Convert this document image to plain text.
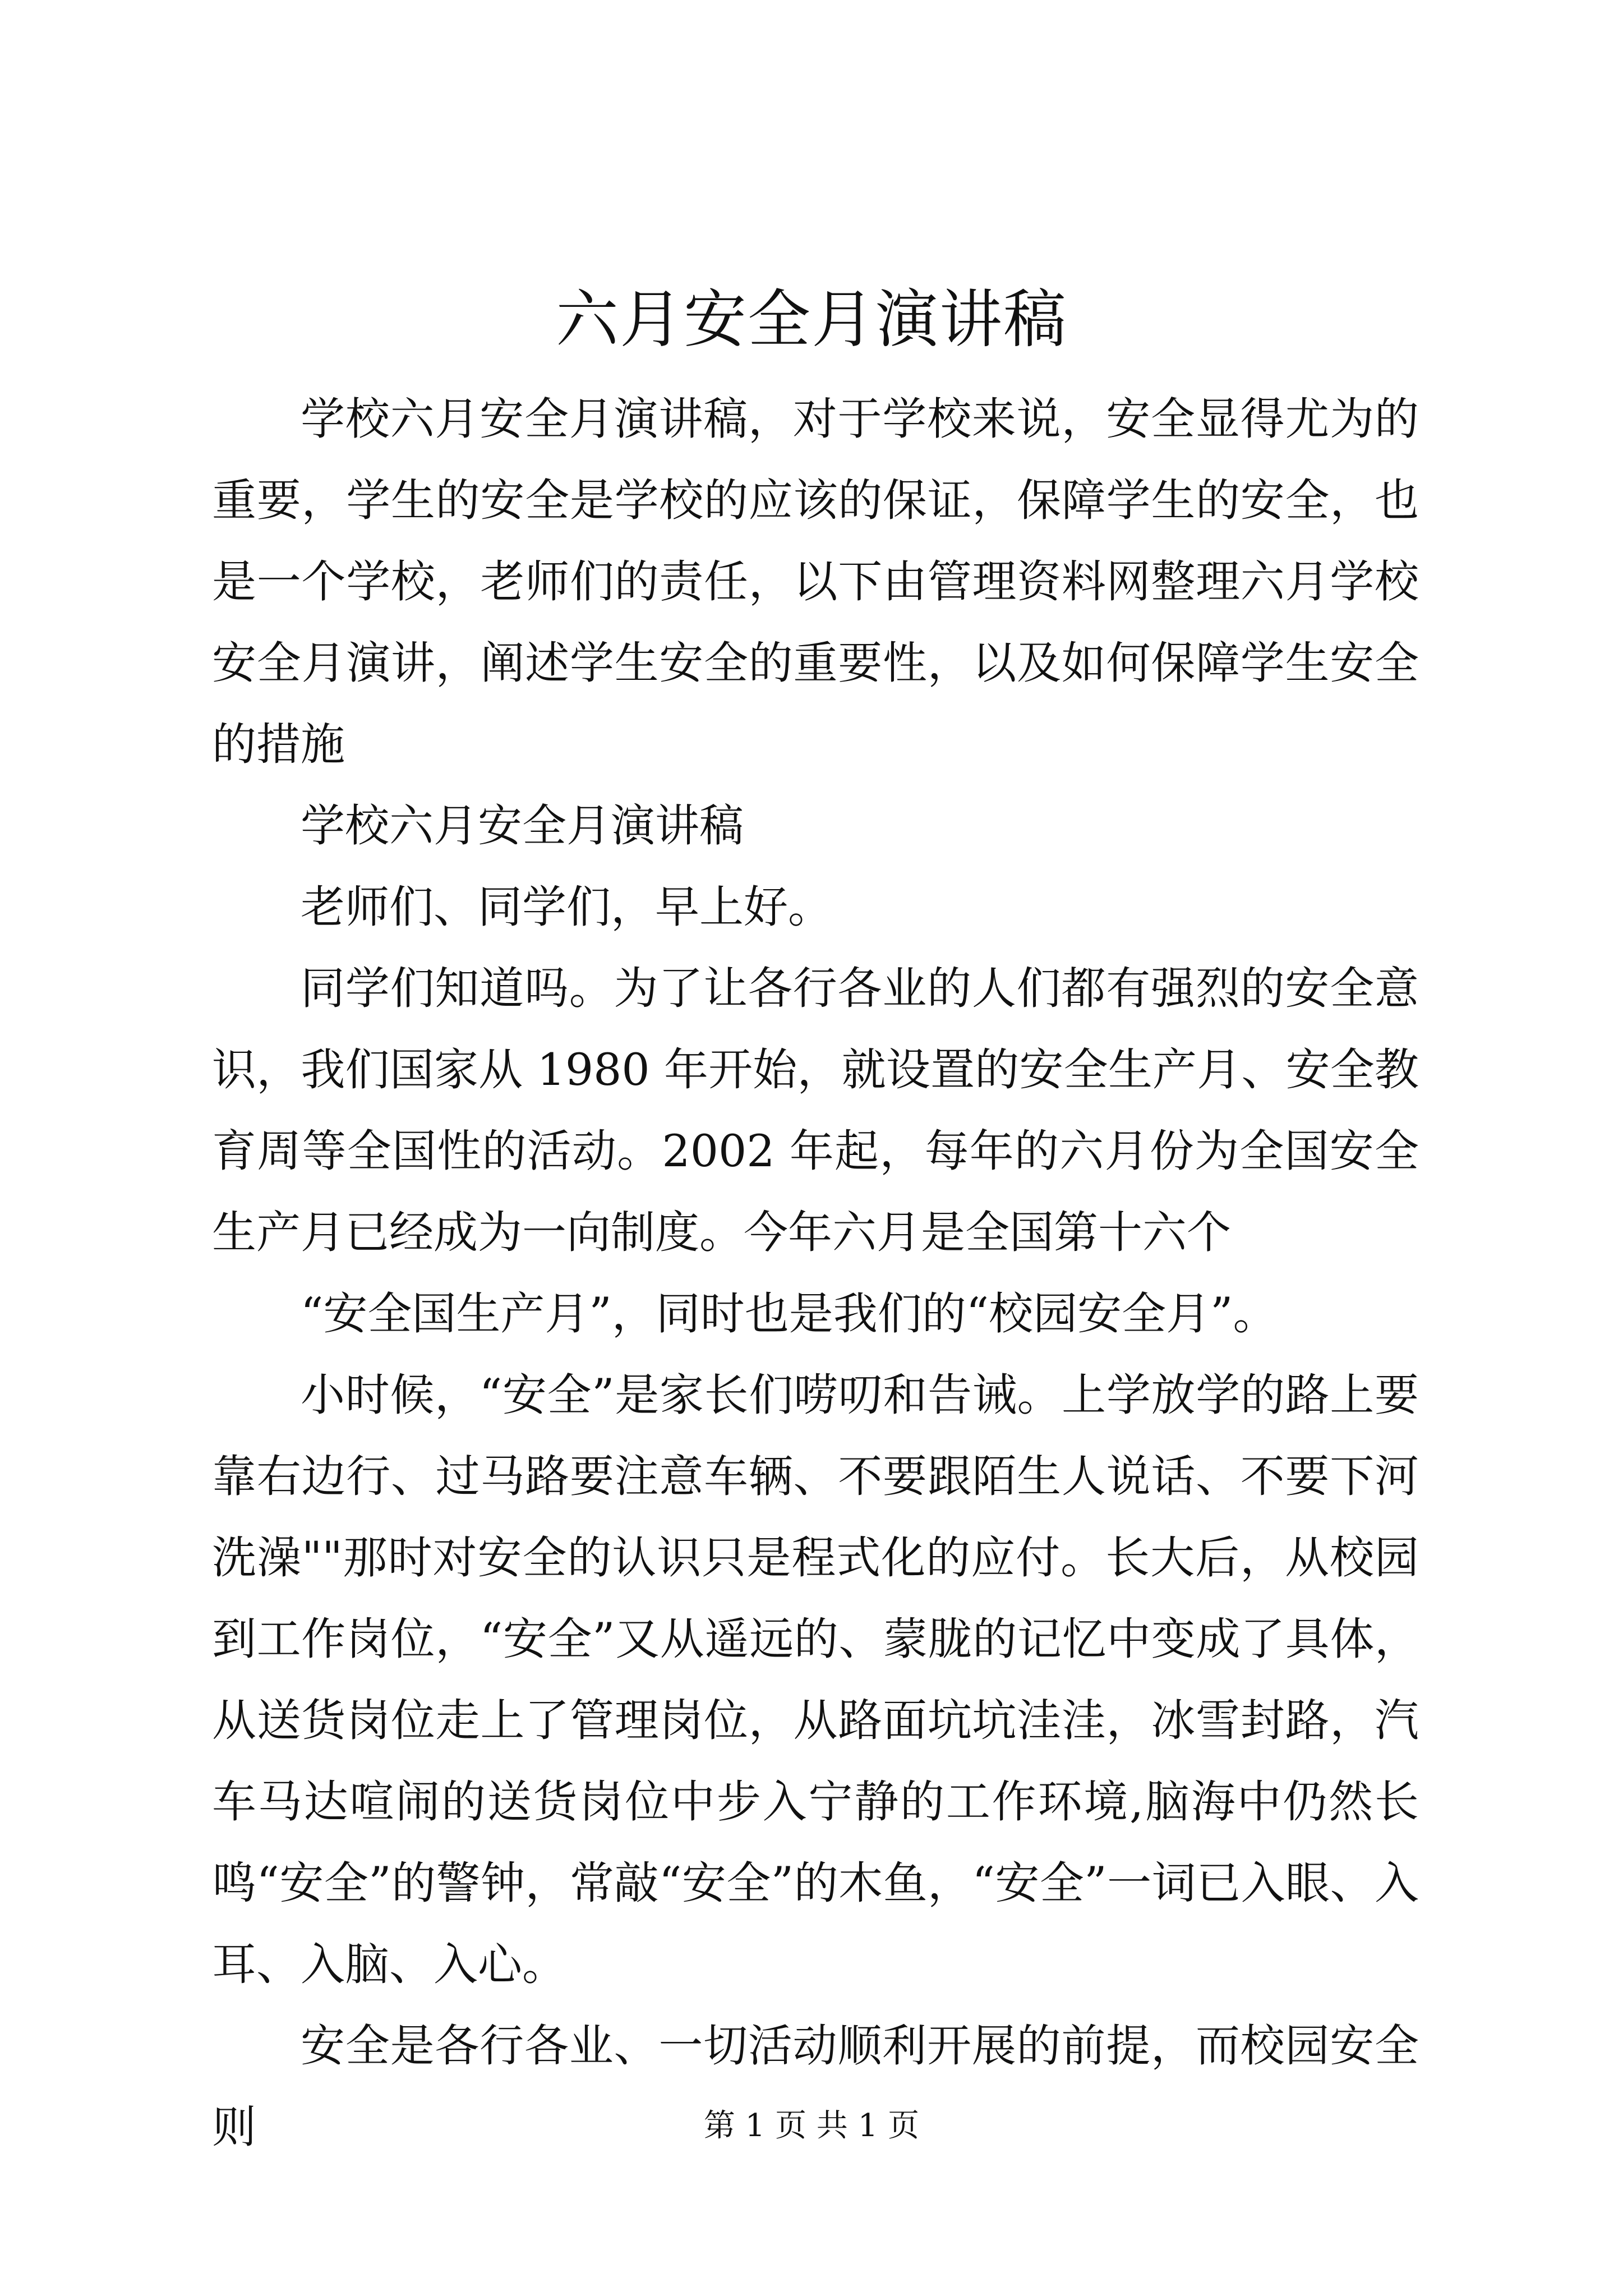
六月安全月演讲稿

学校六月安全月演讲稿，对于学校来说，安全显得尤为的重要，学生的安全是学校的应该的保证，保障学生的安全，也是一个学校，老师们的责任，以下由管理资料网整理六月学校安全月演讲，阐述学生安全的重要性，以及如何保障学生安全的措施

学校六月安全月演讲稿

老师们、同学们，早上好。

同学们知道吗。为了让各行各业的人们都有强烈的安全意识，我们国家从 1980 年开始，就设置的安全生产月、安全教育周等全国性的活动。2002 年起，每年的六月份为全国安全生产月已经成为一向制度。今年六月是全国第十六个

“安全国生产月”，同时也是我们的“校园安全月”。

小时候，“安全”是家长们唠叨和告诫。上学放学的路上要靠右边行、过马路要注意车辆、不要跟陌生人说话、不要下河洗澡""那时对安全的认识只是程式化的应付。长大后，从校园到工作岗位，“安全”又从遥远的、蒙胧的记忆中变成了具体，从送货岗位走上了管理岗位，从路面坑坑洼洼，冰雪封路，汽车马达喧闹的送货岗位中步入宁静的工作环境,脑海中仍然长鸣“安全”的警钟，常敲“安全”的木鱼，“安全”一词已入眼、入耳、入脑、入心。

安全是各行各业、一切活动顺利开展的前提，而校园安全则	第 1 页 共 1 页
